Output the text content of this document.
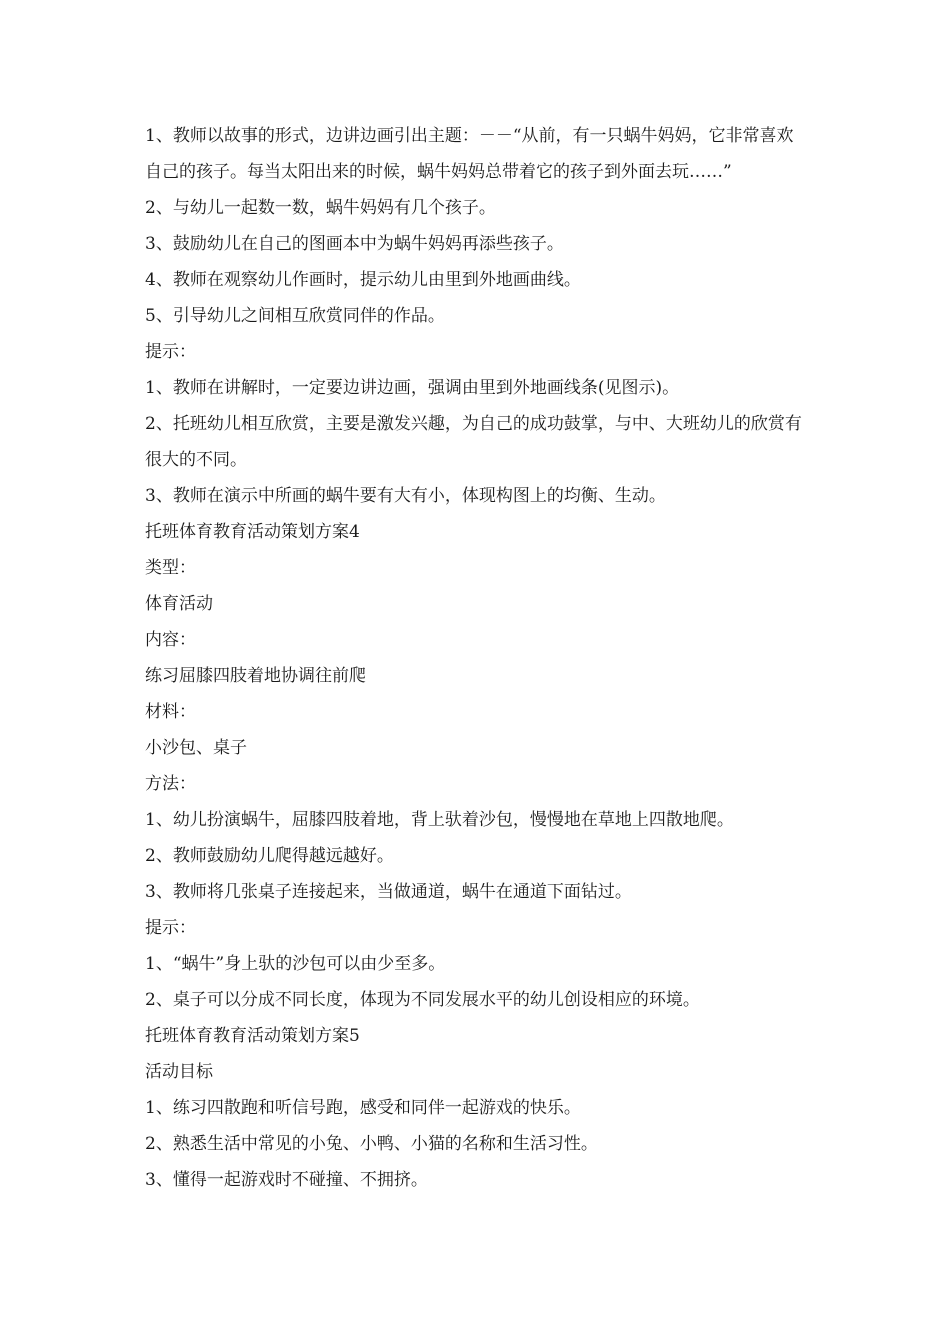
1、教师以故事的形式，边讲边画引出主题：－－“从前，有一只蜗牛妈妈，它非常喜欢自己的孩子。每当太阳出来的时候，蜗牛妈妈总带着它的孩子到外面去玩……”

2、与幼儿一起数一数，蜗牛妈妈有几个孩子。

3、鼓励幼儿在自己的图画本中为蜗牛妈妈再添些孩子。

4、教师在观察幼儿作画时，提示幼儿由里到外地画曲线。

5、引导幼儿之间相互欣赏同伴的作品。

提示：

1、教师在讲解时，一定要边讲边画，强调由里到外地画线条(见图示)。

2、托班幼儿相互欣赏，主要是激发兴趣，为自己的成功鼓掌，与中、大班幼儿的欣赏有很大的不同。

3、教师在演示中所画的蜗牛要有大有小，体现构图上的均衡、生动。

托班体育教育活动策划方案4

类型：

体育活动

内容：

练习屈膝四肢着地协调往前爬

材料：

小沙包、桌子

方法：

1、幼儿扮演蜗牛，屈膝四肢着地，背上驮着沙包，慢慢地在草地上四散地爬。

2、教师鼓励幼儿爬得越远越好。

3、教师将几张桌子连接起来，当做通道，蜗牛在通道下面钻过。

提示：

1、“蜗牛”身上驮的沙包可以由少至多。

2、桌子可以分成不同长度，体现为不同发展水平的幼儿创设相应的环境。

托班体育教育活动策划方案5

活动目标

1、练习四散跑和听信号跑，感受和同伴一起游戏的快乐。

2、熟悉生活中常见的小兔、小鸭、小猫的名称和生活习性。

3、懂得一起游戏时不碰撞、不拥挤。
